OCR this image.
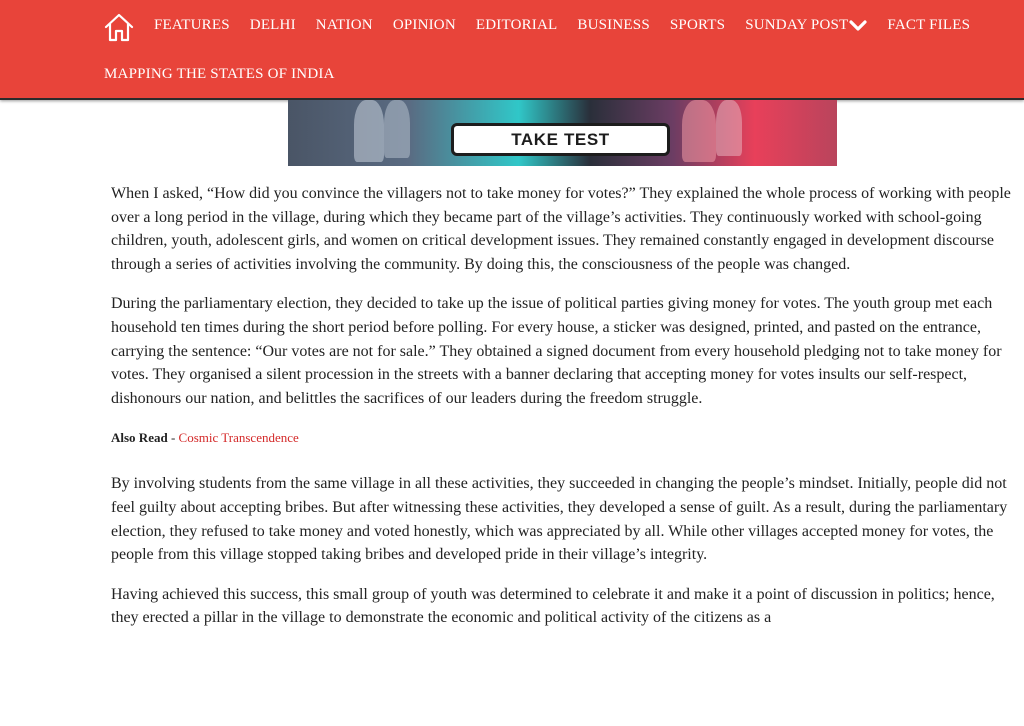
FEATURES DELHI NATION OPINION EDITORIAL BUSINESS SPORTS SUNDAY POST	FACT FILES
MAPPING THE STATES OF INDIA
TAKE TEST

When I asked, “How did you convince the villagers not to take money for votes?” They explained the whole process of working with people over a long period in the village, during which they became part of the village’s activities. They continuously worked with school-going children, youth, adolescent girls, and women on critical development issues. They remained constantly engaged in development discourse through a series of activities involving the community. By doing this, the consciousness of the people was changed.

During the parliamentary election, they decided to take up the issue of political parties giving money for votes. The youth group met each household ten times during the short period before polling. For every house, a sticker was designed, printed, and pasted on the entrance, carrying the sentence: “Our votes are not for sale.” They obtained a signed document from every household pledging not to take money for votes. They organised a silent procession in the streets with a banner declaring that accepting money for votes insults our self-respect, dishonours our nation, and belittles the sacrifices of our leaders during the freedom struggle.

Also Read - Cosmic Transcendence

By involving students from the same village in all these activities, they succeeded in changing the people’s mindset. Initially, people did not feel guilty about accepting bribes. But after witnessing these activities, they developed a sense of guilt. As a result, during the parliamentary election, they refused to take money and voted honestly, which was appreciated by all. While other villages accepted money for votes, the people from this village stopped taking bribes and developed pride in their village’s integrity.

Having achieved this success, this small group of youth was determined to celebrate it and make it a point of discussion in politics; hence, they erected a pillar in the village to demonstrate the economic and political activity of the citizens as a
